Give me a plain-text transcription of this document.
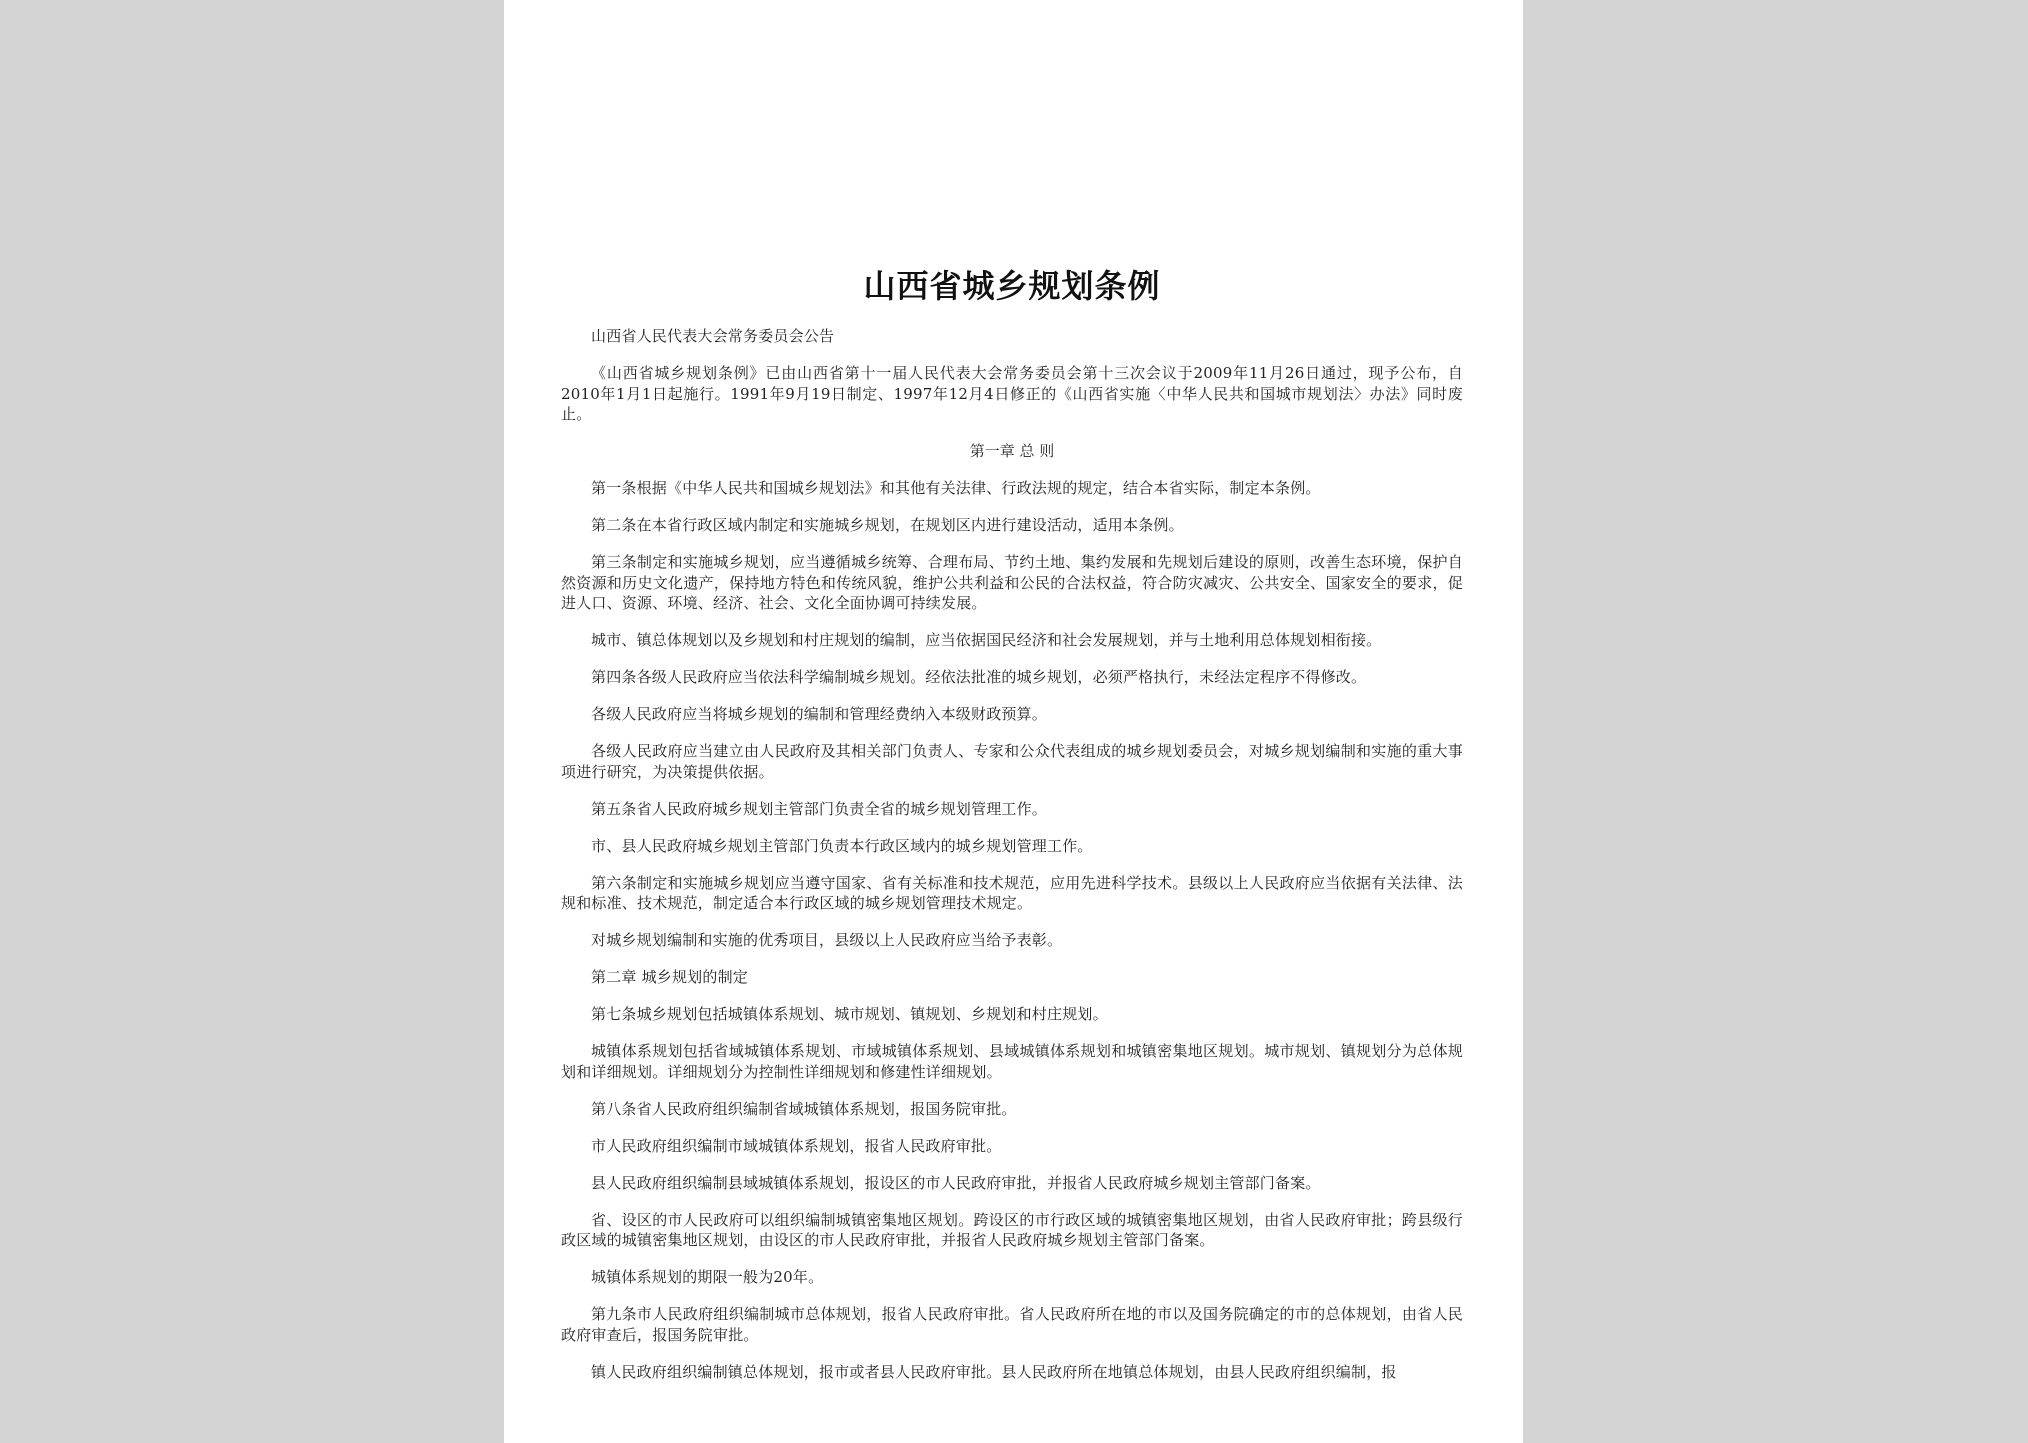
山西省城乡规划条例

山西省人民代表大会常务委员会公告

《山西省城乡规划条例》已由山西省第十一届人民代表大会常务委员会第十三次会议于2009年11月26日通过，现予公布，自2010年1月1日起施行。1991年9月19日制定、1997年12月4日修正的《山西省实施〈中华人民共和国城市规划法〉办法》同时废止。

第一章 总 则

第一条根据《中华人民共和国城乡规划法》和其他有关法律、行政法规的规定，结合本省实际，制定本条例。

第二条在本省行政区域内制定和实施城乡规划，在规划区内进行建设活动，适用本条例。

第三条制定和实施城乡规划，应当遵循城乡统筹、合理布局、节约土地、集约发展和先规划后建设的原则，改善生态环境，保护自然资源和历史文化遗产，保持地方特色和传统风貌，维护公共利益和公民的合法权益，符合防灾减灾、公共安全、国家安全的要求，促进人口、资源、环境、经济、社会、文化全面协调可持续发展。

城市、镇总体规划以及乡规划和村庄规划的编制，应当依据国民经济和社会发展规划，并与土地利用总体规划相衔接。

第四条各级人民政府应当依法科学编制城乡规划。经依法批准的城乡规划，必须严格执行，未经法定程序不得修改。

各级人民政府应当将城乡规划的编制和管理经费纳入本级财政预算。

各级人民政府应当建立由人民政府及其相关部门负责人、专家和公众代表组成的城乡规划委员会，对城乡规划编制和实施的重大事项进行研究，为决策提供依据。

第五条省人民政府城乡规划主管部门负责全省的城乡规划管理工作。

市、县人民政府城乡规划主管部门负责本行政区域内的城乡规划管理工作。

第六条制定和实施城乡规划应当遵守国家、省有关标准和技术规范，应用先进科学技术。县级以上人民政府应当依据有关法律、法规和标准、技术规范，制定适合本行政区域的城乡规划管理技术规定。

对城乡规划编制和实施的优秀项目，县级以上人民政府应当给予表彰。

第二章 城乡规划的制定

第七条城乡规划包括城镇体系规划、城市规划、镇规划、乡规划和村庄规划。

城镇体系规划包括省域城镇体系规划、市域城镇体系规划、县域城镇体系规划和城镇密集地区规划。城市规划、镇规划分为总体规划和详细规划。详细规划分为控制性详细规划和修建性详细规划。

第八条省人民政府组织编制省域城镇体系规划，报国务院审批。

市人民政府组织编制市域城镇体系规划，报省人民政府审批。

县人民政府组织编制县域城镇体系规划，报设区的市人民政府审批，并报省人民政府城乡规划主管部门备案。

省、设区的市人民政府可以组织编制城镇密集地区规划。跨设区的市行政区域的城镇密集地区规划，由省人民政府审批；跨县级行政区域的城镇密集地区规划，由设区的市人民政府审批，并报省人民政府城乡规划主管部门备案。

城镇体系规划的期限一般为20年。

第九条市人民政府组织编制城市总体规划，报省人民政府审批。省人民政府所在地的市以及国务院确定的市的总体规划，由省人民政府审查后，报国务院审批。

镇人民政府组织编制镇总体规划，报市或者县人民政府审批。县人民政府所在地镇总体规划，由县人民政府组织编制，报
